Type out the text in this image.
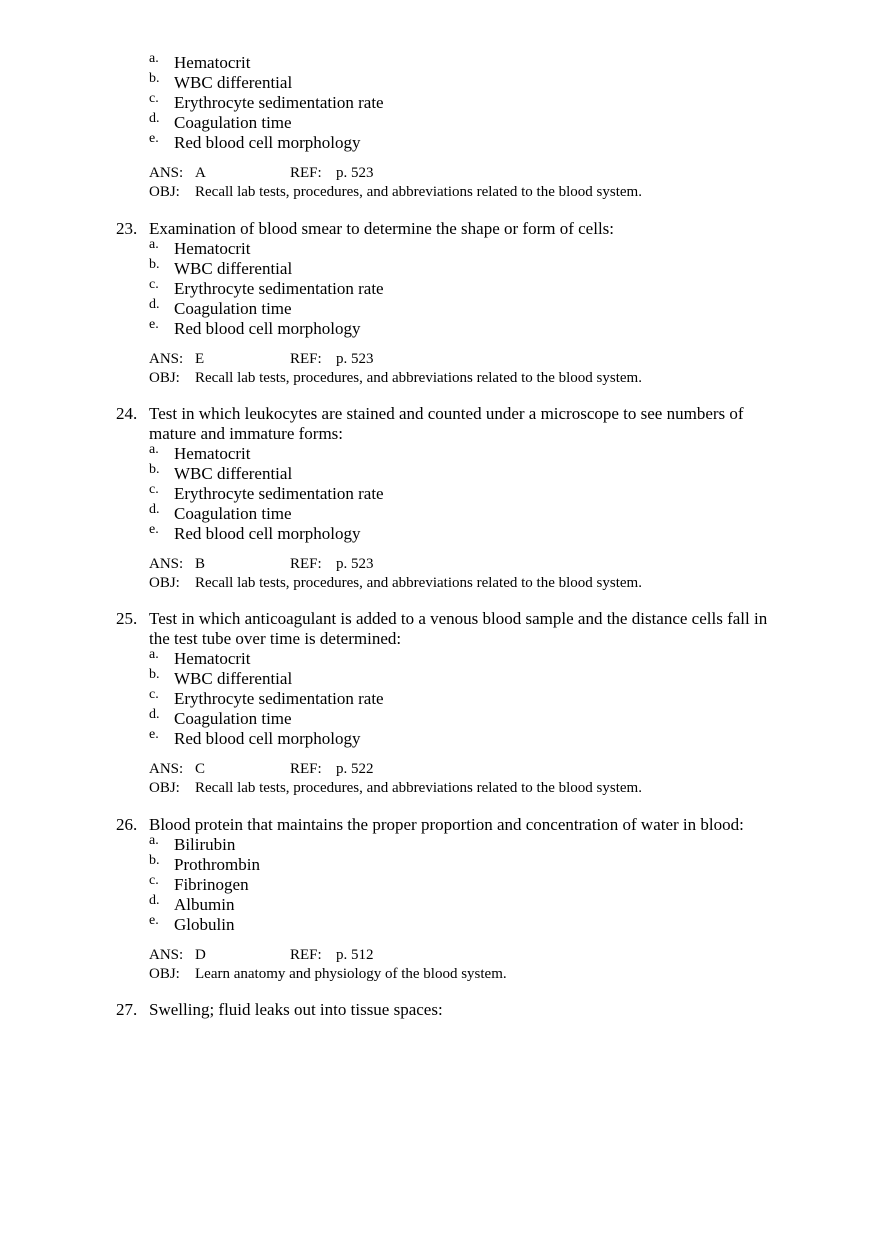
a. Hematocrit
b. WBC differential
c. Erythrocyte sedimentation rate
d. Coagulation time
e. Red blood cell morphology
ANS: A	REF: p. 523
OBJ: Recall lab tests, procedures, and abbreviations related to the blood system.
23. Examination of blood smear to determine the shape or form of cells:
a. Hematocrit
b. WBC differential
c. Erythrocyte sedimentation rate
d. Coagulation time
e. Red blood cell morphology
ANS: E	REF: p. 523
OBJ: Recall lab tests, procedures, and abbreviations related to the blood system.
24. Test in which leukocytes are stained and counted under a microscope to see numbers of mature and immature forms:
a. Hematocrit
b. WBC differential
c. Erythrocyte sedimentation rate
d. Coagulation time
e. Red blood cell morphology
ANS: B	REF: p. 523
OBJ: Recall lab tests, procedures, and abbreviations related to the blood system.
25. Test in which anticoagulant is added to a venous blood sample and the distance cells fall in the test tube over time is determined:
a. Hematocrit
b. WBC differential
c. Erythrocyte sedimentation rate
d. Coagulation time
e. Red blood cell morphology
ANS: C	REF: p. 522
OBJ: Recall lab tests, procedures, and abbreviations related to the blood system.
26. Blood protein that maintains the proper proportion and concentration of water in blood:
a. Bilirubin
b. Prothrombin
c. Fibrinogen
d. Albumin
e. Globulin
ANS: D	REF: p. 512
OBJ: Learn anatomy and physiology of the blood system.
27. Swelling; fluid leaks out into tissue spaces:
